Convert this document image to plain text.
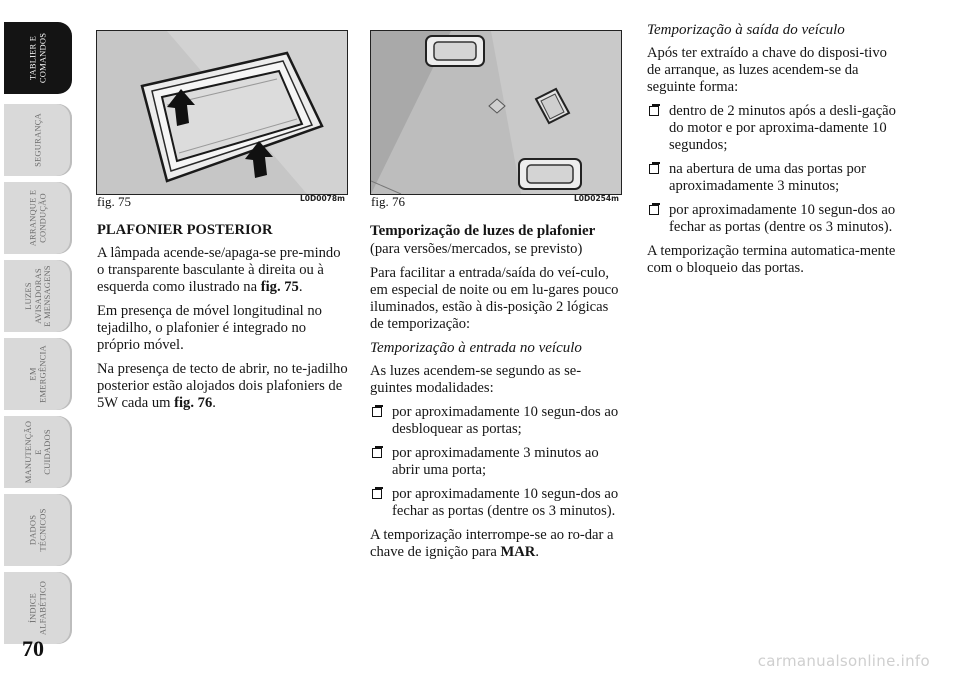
TABLIER E COMANDOS
SEGURANÇA
ARRANQUE E CONDUÇÃO
LUZES AVISADORAS E MENSAGENS
EM EMERGÊNCIA
MANUTENÇÃO E CUIDADOS
DADOS TÉCNICOS
ÍNDICE ALFABÉTICO
70
fig. 75	L0D0078m fig. 76	L0D0254m
PLAFONIER POSTERIOR

A lâmpada acende-se/apaga-se pre-mindo o transparente basculante à direita ou à esquerda como ilustrado na fig. 75.

Em presença de móvel longitudinal no tejadilho, o plafonier é integrado no próprio móvel.

Na presença de tecto de abrir, no te-jadilho posterior estão alojados dois plafoniers de 5W cada um fig. 76.

Temporização de luzes de plafonier

(para versões/mercados, se previsto)

Para facilitar a entrada/saída do veí-culo, em especial de noite ou em lu-gares pouco iluminados, estão à dis-posição 2 lógicas de temporização:

Temporização à entrada no veículo

As luzes acendem-se segundo as se-guintes modalidades:

por aproximadamente 10 segun-dos ao desbloquear as portas;
por aproximadamente 3 minutos ao abrir uma porta;
por aproximadamente 10 segun-dos ao fechar as portas (dentre os 3 minutos).

A temporização interrompe-se ao ro-dar a chave de ignição para MAR.

Temporização à saída do veículo

Após ter extraído a chave do disposi-tivo de arranque, as luzes acendem-se da seguinte forma:

dentro de 2 minutos após a desli-gação do motor e por aproxima-damente 10 segundos;
na abertura de uma das portas por aproximadamente 3 minutos;
por aproximadamente 10 segun-dos ao fechar as portas (dentre os 3 minutos).

A temporização termina automatica-mente com o bloqueio das portas.

carmanualsonline.info
